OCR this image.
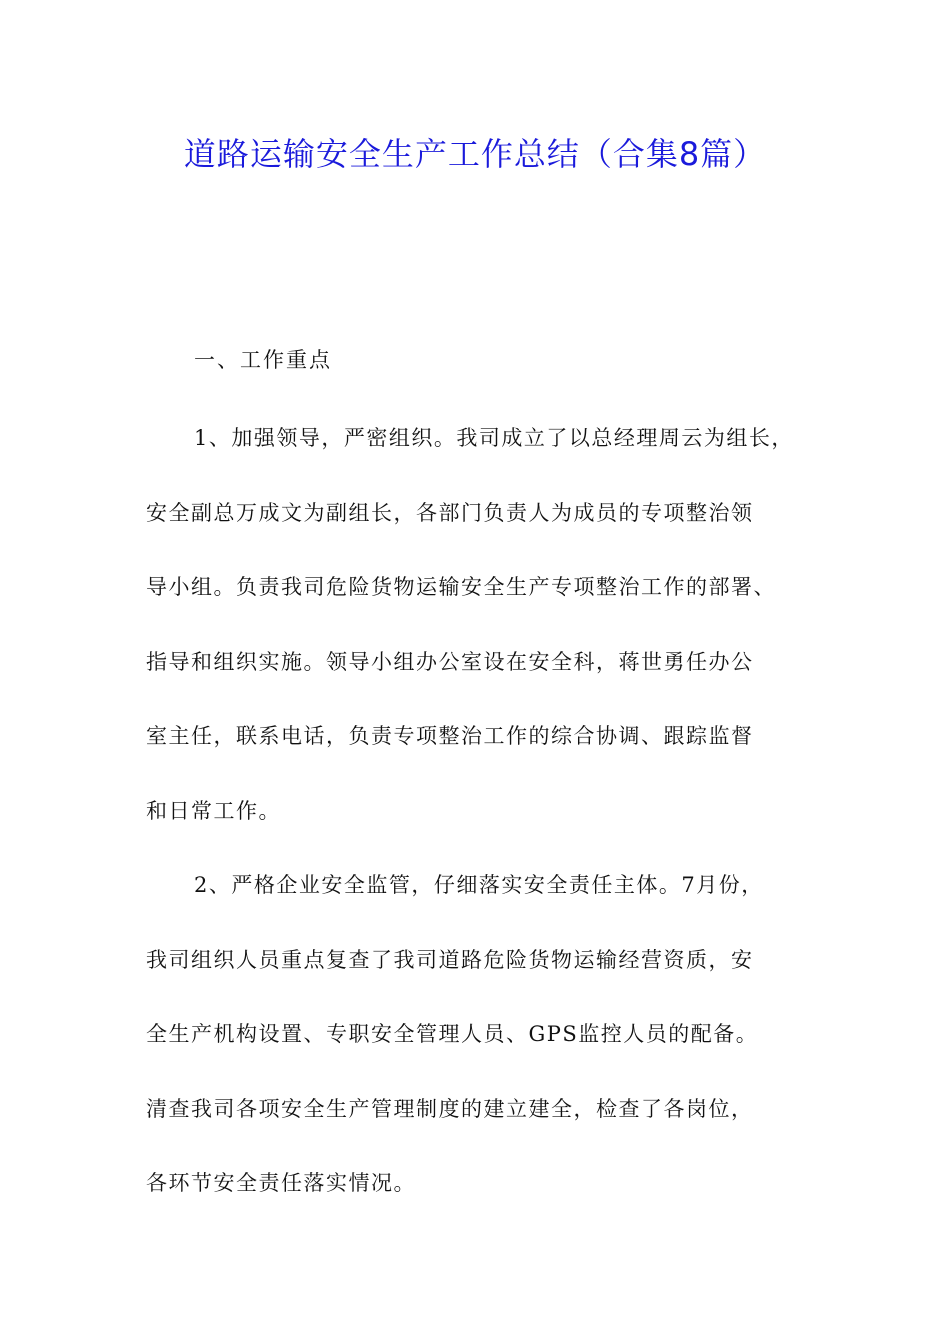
道路运输安全生产工作总结（合集8篇）

一、工作重点

1、加强领导，严密组织。我司成立了以总经理周云为组长，
安全副总万成文为副组长，各部门负责人为成员的专项整治领
导小组。负责我司危险货物运输安全生产专项整治工作的部署、
指导和组织实施。领导小组办公室设在安全科，蒋世勇任办公
室主任，联系电话，负责专项整治工作的综合协调、跟踪监督
和日常工作。

2、严格企业安全监管，仔细落实安全责任主体。7月份，
我司组织人员重点复查了我司道路危险货物运输经营资质，安
全生产机构设置、专职安全管理人员、GPS监控人员的配备。
清查我司各项安全生产管理制度的建立建全，检查了各岗位，
各环节安全责任落实情况。
